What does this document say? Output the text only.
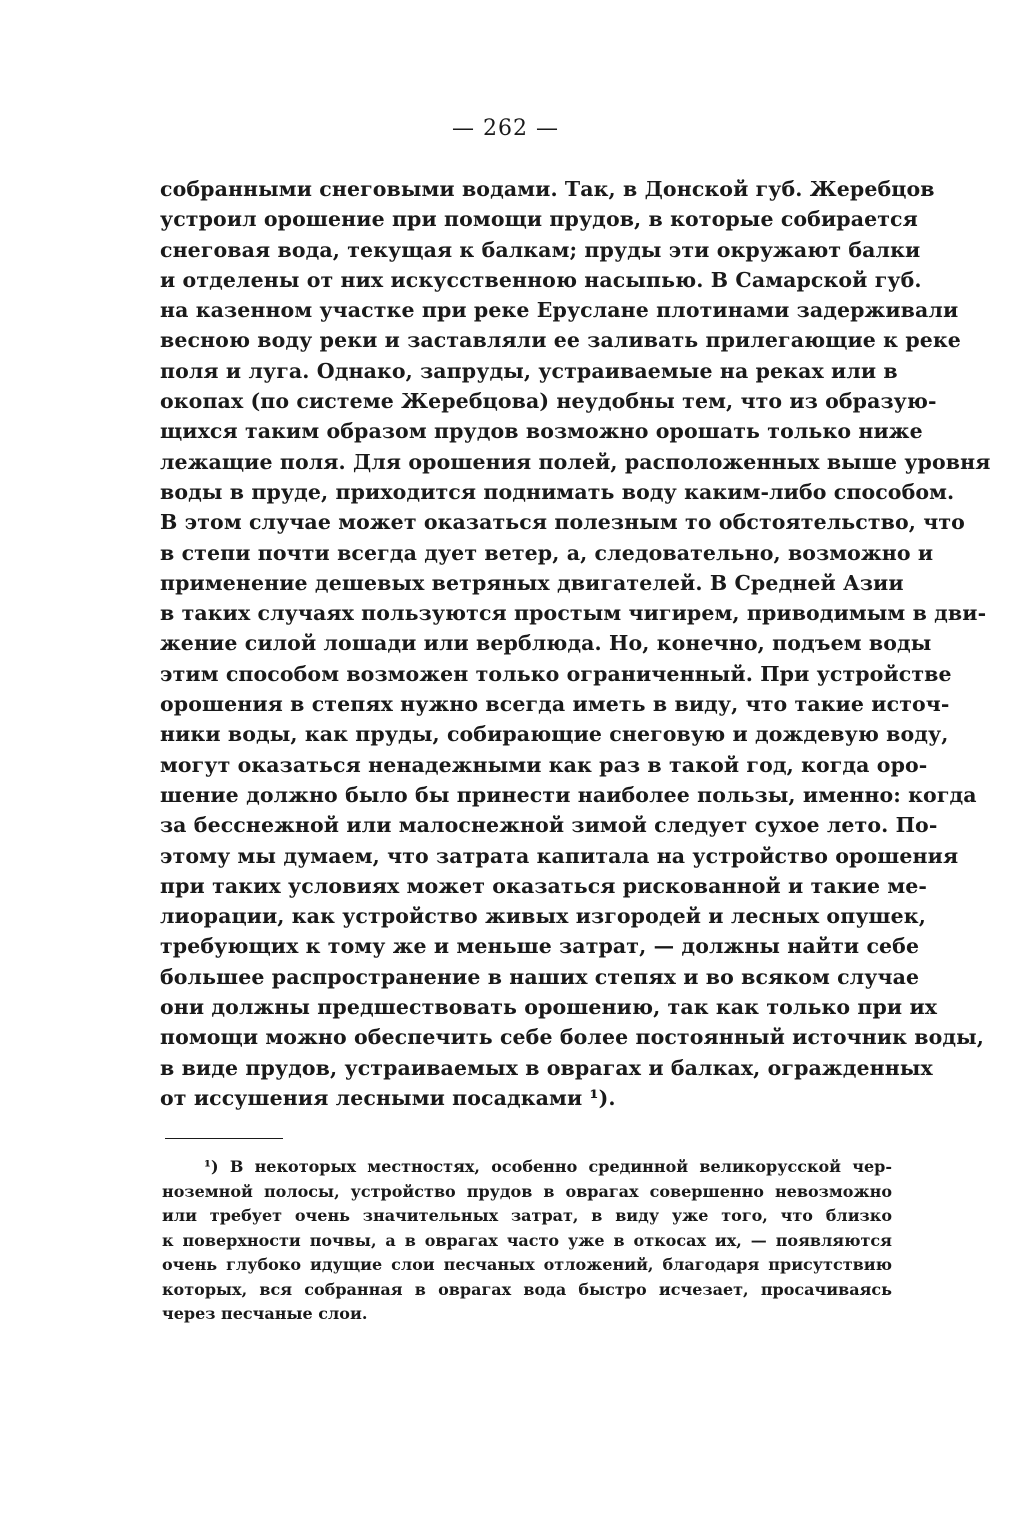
— 262 —
собранными снеговыми водами. Так, в Донской губ. Жеребцов
устроил орошение при помощи прудов, в которые собирается
снеговая вода, текущая к балкам; пруды эти окружают балки
и отделены от них искусственною насыпью. В Самарской губ.
на казенном участке при реке Еруслане плотинами задерживали
весною воду реки и заставляли ее заливать прилегающие к реке
поля и луга. Однако, запруды, устраиваемые на реках или в
окопах (по системе Жеребцова) неудобны тем, что из образую-
щихся таким образом прудов возможно орошать только ниже
лежащие поля. Для орошения полей, расположенных выше уровня
воды в пруде, приходится поднимать воду каким-либо способом.
В этом случае может оказаться полезным то обстоятельство, что
в степи почти всегда дует ветер, а, следовательно, возможно и
применение дешевых ветряных двигателей. В Средней Азии
в таких случаях пользуются простым чигирем, приводимым в дви-
жение силой лошади или верблюда. Но, конечно, подъем воды
этим способом возможен только ограниченный. При устройстве
орошения в степях нужно всегда иметь в виду, что такие источ-
ники воды, как пруды, собирающие снеговую и дождевую воду,
могут оказаться ненадежными как раз в такой год, когда оро-
шение должно было бы принести наиболее пользы, именно: когда
за бесснежной или малоснежной зимой следует сухое лето. По-
этому мы думаем, что затрата капитала на устройство орошения
при таких условиях может оказаться рискованной и такие ме-
лиорации, как устройство живых изгородей и лесных опушек,
требующих к тому же и меньше затрат, — должны найти себе
большее распространение в наших степях и во всяком случае
они должны предшествовать орошению, так как только при их
помощи можно обеспечить себе более постоянный источник воды,
в виде прудов, устраиваемых в оврагах и балках, огражденных
от иссушения лесными посадками ¹).
¹) В некоторых местностях, особенно срединной великорусской чер-
ноземной полосы, устройство прудов в оврагах совершенно невозможно
или требует очень значительных затрат, в виду уже того, что близко
к поверхности почвы, а в оврагах часто уже в откосах их, — появляются
очень глубоко идущие слои песчаных отложений, благодаря присутствию
которых, вся собранная в оврагах вода быстро исчезает, просачиваясь
через песчаные слои.
